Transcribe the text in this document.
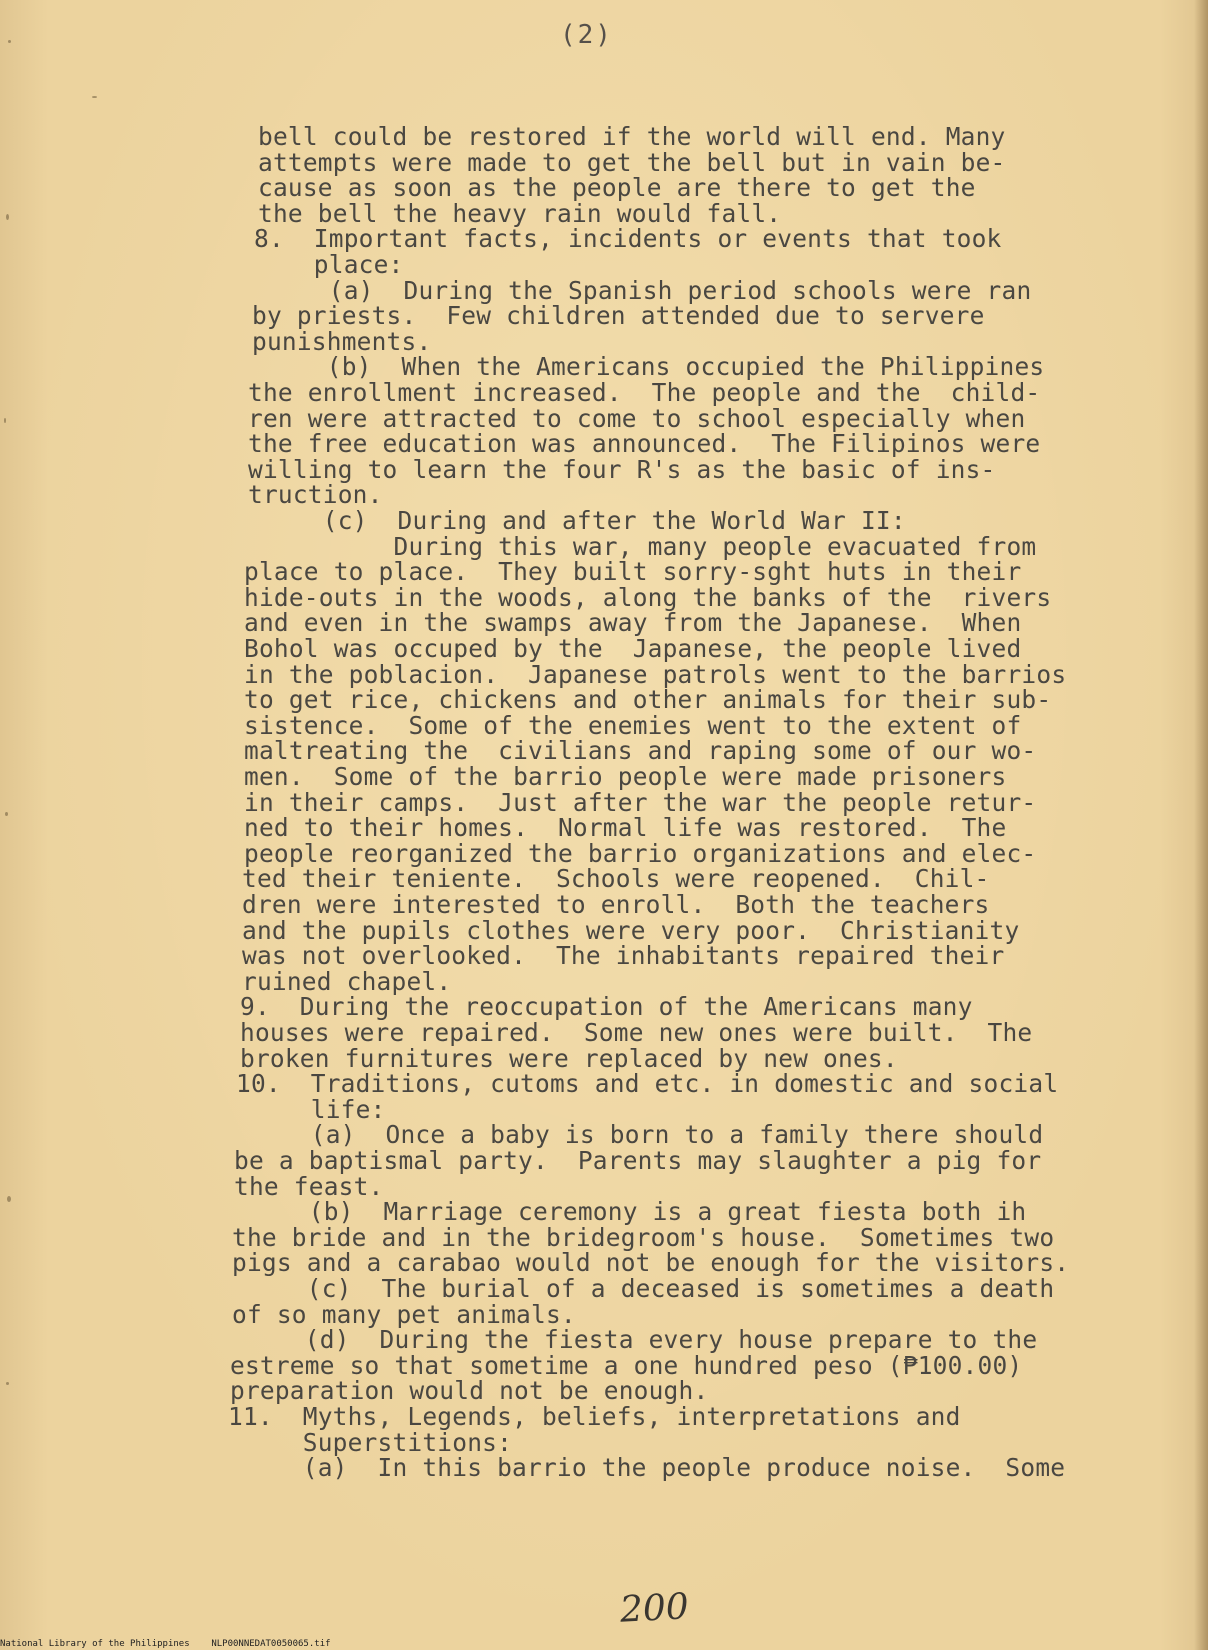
(2)
bell could be restored if the world will end. Many
attempts were made to get the bell but in vain be-
cause as soon as the people are there to get the
the bell the heavy rain would fall.
8.  Important facts, incidents or events that took
place:
(a)  During the Spanish period schools were ran
by priests.  Few children attended due to servere
punishments.
(b)  When the Americans occupied the Philippines
the enrollment increased.  The people and the  child-
ren were attracted to come to school especially when
the free education was announced.  The Filipinos were
willing to learn the four R's as the basic of ins-
truction.
(c)  During and after the World War II:
During this war, many people evacuated from
place to place.  They built sorry-sght huts in their
hide-outs in the woods, along the banks of the  rivers
and even in the swamps away from the Japanese.  When
Bohol was occuped by the  Japanese, the people lived
in the poblacion.  Japanese patrols went to the barrios
to get rice, chickens and other animals for their sub-
sistence.  Some of the enemies went to the extent of
maltreating the  civilians and raping some of our wo-
men.  Some of the barrio people were made prisoners
in their camps.  Just after the war the people retur-
ned to their homes.  Normal life was restored.  The
people reorganized the barrio organizations and elec-
ted their teniente.  Schools were reopened.  Chil-
dren were interested to enroll.  Both the teachers
and the pupils clothes were very poor.  Christianity
was not overlooked.  The inhabitants repaired their
ruined chapel.
9.  During the reoccupation of the Americans many
houses were repaired.  Some new ones were built.  The
broken furnitures were replaced by new ones.
10.  Traditions, cutoms and etc. in domestic and social
life:
(a)  Once a baby is born to a family there should
be a baptismal party.  Parents may slaughter a pig for
the feast.
(b)  Marriage ceremony is a great fiesta both ih
the bride and in the bridegroom's house.  Sometimes two
pigs and a carabao would not be enough for the visitors.
(c)  The burial of a deceased is sometimes a death
of so many pet animals.
(d)  During the fiesta every house prepare to the
estreme so that sometime a one hundred peso (₱100.00)
preparation would not be enough.
11.  Myths, Legends, beliefs, interpretations and
Superstitions:
(a)  In this barrio the people produce noise.  Some
200
National Library of the Philippines    NLP00NNEDAT0050065.tif
